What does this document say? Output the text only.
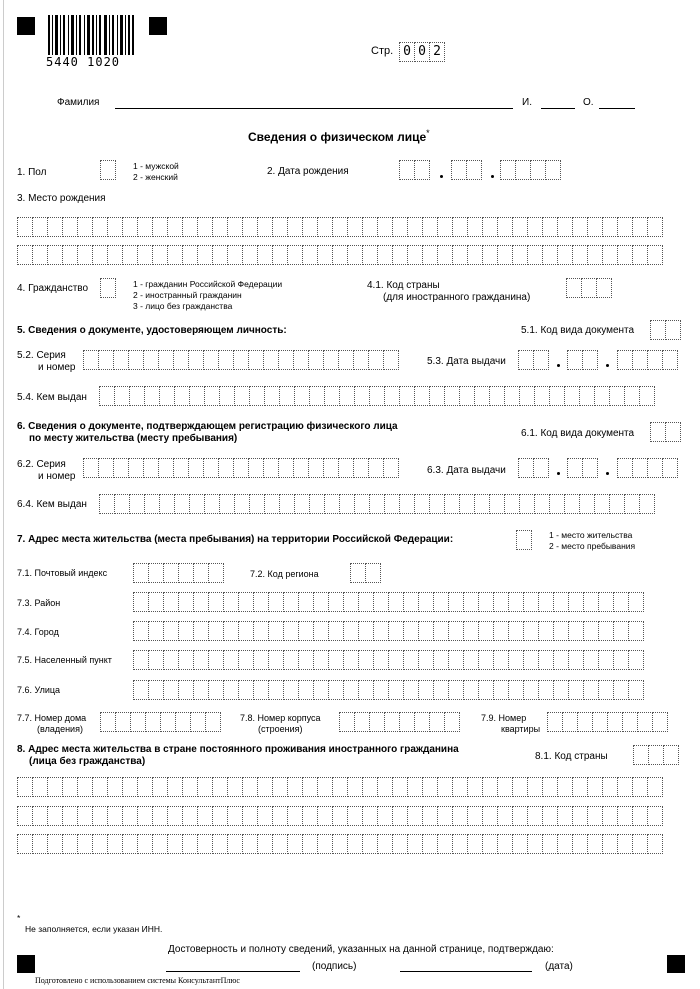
5440 1020
Стр. 0 0 2
Фамилия	И.	О.
Сведения о физическом лице*
1. Пол
1 - мужской
2 - женский	2. Дата рождения
3. Место рождения
4. Гражданство	1 - гражданин Российской Федерации
2 - иностранный гражданин
3 - лицо без гражданства
4.1. Код страны
(для иностранного гражданина)
5. Сведения о документе, удостоверяющем личность:	5.1. Код вида документа
5.2. Серия
и номер
5.3. Дата выдачи
5.4. Кем выдан
6. Сведения о документе, подтверждающем регистрацию физического лица
по месту жительства (месту пребывания)	6.1. Код вида документа
6.2. Серия
и номер
6.3. Дата выдачи
6.4. Кем выдан
7. Адрес места жительства (места пребывания) на территории Российской Федерации:	1 - место жительства
2 - место пребывания
7.1. Почтовый индекс	7.2. Код региона
7.3. Район
7.4. Город
7.5. Населенный пункт
7.6. Улица
7.7. Номер дома
(владения)
7.8. Номер корпуса
(строения)
7.9. Номер
квартиры
8. Адрес места жительства в стране постоянного проживания иностранного гражданина
(лица без гражданства)	8.1. Код страны
*
Не заполняется, если указан ИНН.
Достоверность и полноту сведений, указанных на данной странице, подтверждаю:
(подпись)	(дата)
Подготовлено с использованием системы КонсультантПлюс
